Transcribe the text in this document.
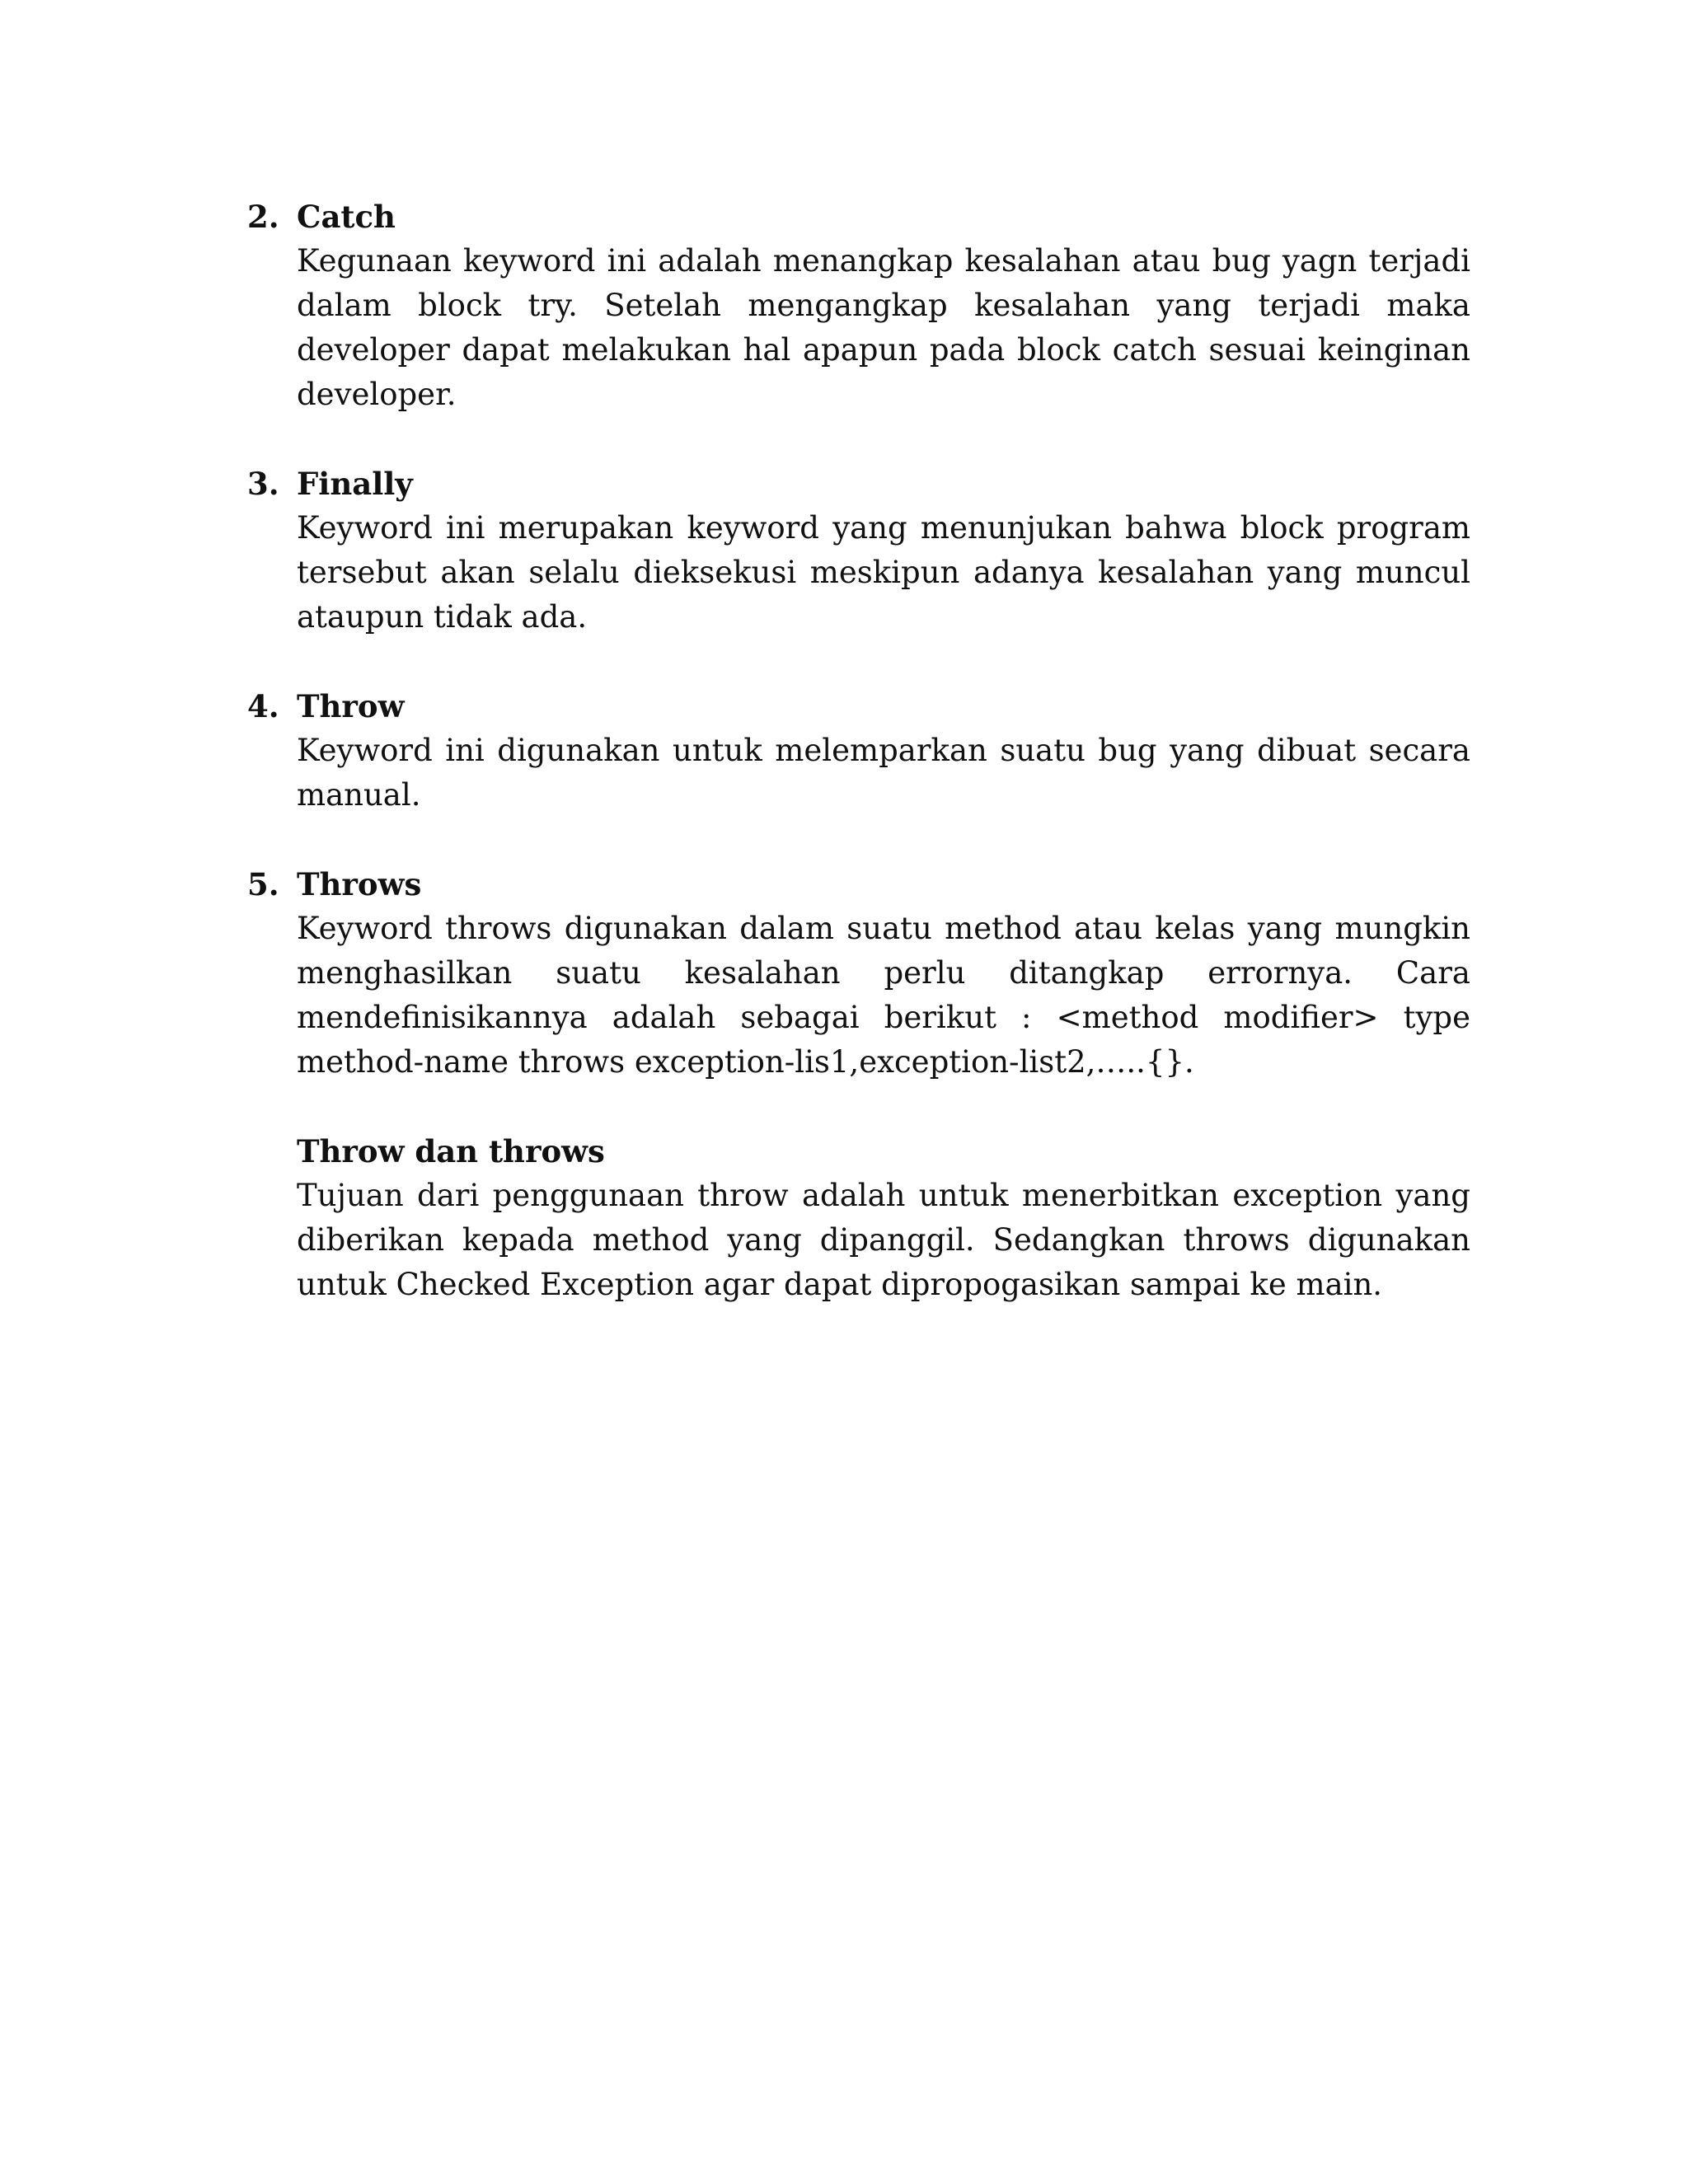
2. Catch

Kegunaan keyword ini adalah menangkap kesalahan atau bug yagn terjadi dalam block try. Setelah mengangkap kesalahan yang terjadi maka developer dapat melakukan hal apapun pada block catch sesuai keinginan developer.

3. Finally

Keyword ini merupakan keyword yang menunjukan bahwa block program tersebut akan selalu dieksekusi meskipun adanya kesalahan yang muncul ataupun tidak ada.

4. Throw

Keyword ini digunakan untuk melemparkan suatu bug yang dibuat secara manual.

5. Throws

Keyword throws digunakan dalam suatu method atau kelas yang mungkin menghasilkan suatu kesalahan perlu ditangkap errornya. Cara mendefinisikannya adalah sebagai berikut : <method modifier> type method-name throws exception-lis1,exception-list2,…..{}.

Throw dan throws

Tujuan dari penggunaan throw adalah untuk menerbitkan exception yang diberikan kepada method yang dipanggil. Sedangkan throws digunakan untuk Checked Exception agar dapat dipropogasikan sampai ke main.
